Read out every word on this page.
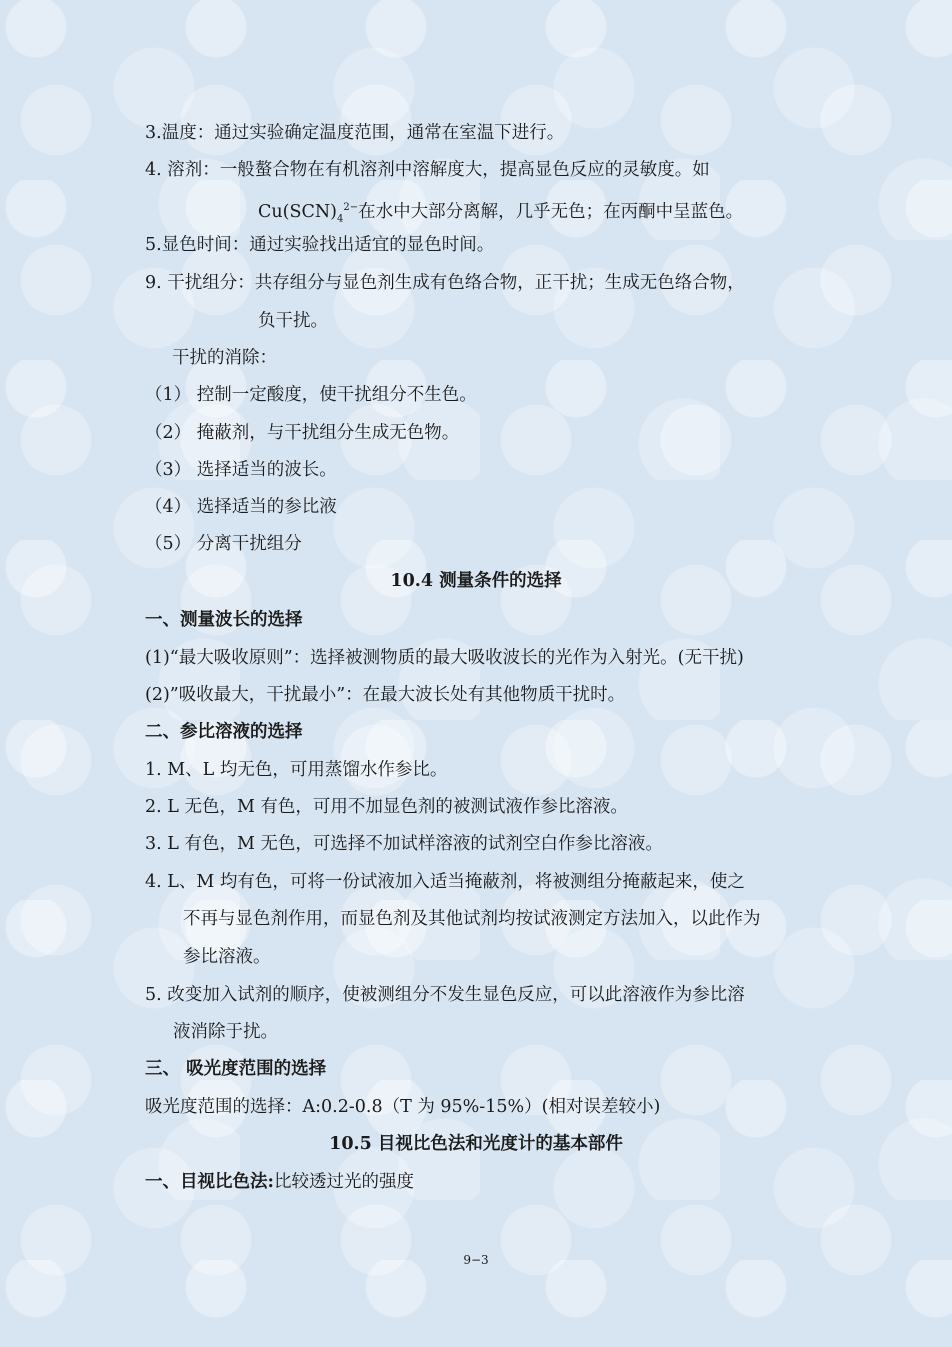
3.温度：通过实验确定温度范围，通常在室温下进行。
4. 溶剂：一般螯合物在有机溶剂中溶解度大，提高显色反应的灵敏度。如
$Cu(SCN)_4^{2-}$在水中大部分离解，几乎无色；在丙酮中呈蓝色。
5.显色时间：通过实验找出适宜的显色时间。
9. 干扰组分：共存组分与显色剂生成有色络合物，正干扰；生成无色络合物，
负干扰。
干扰的消除：
（1） 控制一定酸度，使干扰组分不生色。
（2） 掩蔽剂，与干扰组分生成无色物。
（3） 选择适当的波长。
（4） 选择适当的参比液
（5） 分离干扰组分
10.4 测量条件的选择
一、测量波长的选择
(1)“最大吸收原则”：选择被测物质的最大吸收波长的光作为入射光。(无干扰)
(2)”吸收最大，干扰最小”：在最大波长处有其他物质干扰时。
二、参比溶液的选择
1. M、L 均无色，可用蒸馏水作参比。
2. L 无色，M 有色，可用不加显色剂的被测试液作参比溶液。
3. L 有色，M 无色，可选择不加试样溶液的试剂空白作参比溶液。
4. L、M 均有色，可将一份试液加入适当掩蔽剂，将被测组分掩蔽起来，使之
不再与显色剂作用，而显色剂及其他试剂均按试液测定方法加入，以此作为
参比溶液。
5. 改变加入试剂的顺序，使被测组分不发生显色反应，可以此溶液作为参比溶
液消除于扰。
三、 吸光度范围的选择
吸光度范围的选择：A:0.2-0.8（T 为 95%-15%）(相对误差较小)
10.5 目视比色法和光度计的基本部件
一、目视比色法:比较透过光的强度
9−3
